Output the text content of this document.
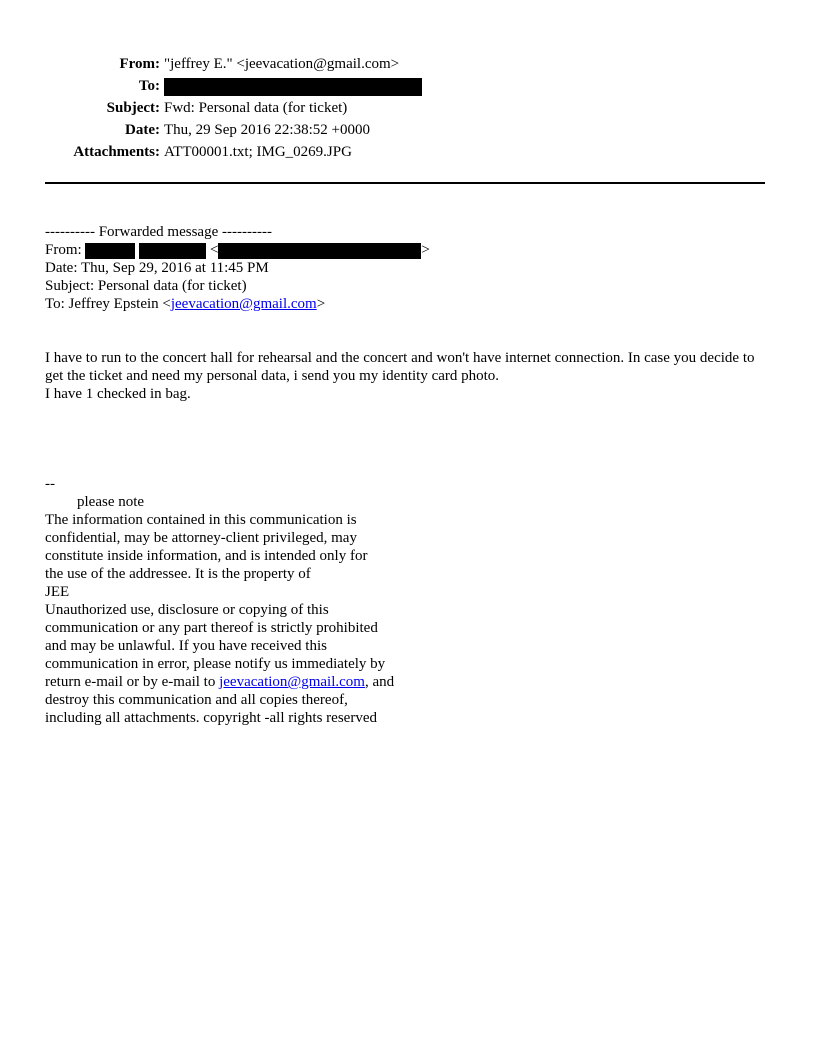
From:	"jeffrey E." <jeevacation@gmail.com>
To:	
Subject:	Fwd: Personal data (for ticket)
Date:	Thu, 29 Sep 2016 22:38:52 +0000
Attachments:	ATT00001.txt; IMG_0269.JPG
---------- Forwarded message ----------
From:	<	>
Date: Thu, Sep 29, 2016 at 11:45 PM
Subject: Personal data (for ticket)
To: Jeffrey Epstein <jeevacation@gmail.com>
I have to run to the concert hall for rehearsal and the concert and won't have internet connection. In case you decide to get the ticket and need my personal data, i send you my identity card photo.
I have 1 checked in bag.
--
please note
The information contained in this communication is
confidential, may be attorney-client privileged, may
constitute inside information, and is intended only for
the use of the addressee. It is the property of
JEE
Unauthorized use, disclosure or copying of this
communication or any part thereof is strictly prohibited
and may be unlawful. If you have received this
communication in error, please notify us immediately by
return e-mail or by e-mail to jeevacation@gmail.com, and
destroy this communication and all copies thereof,
including all attachments. copyright -all rights reserved
